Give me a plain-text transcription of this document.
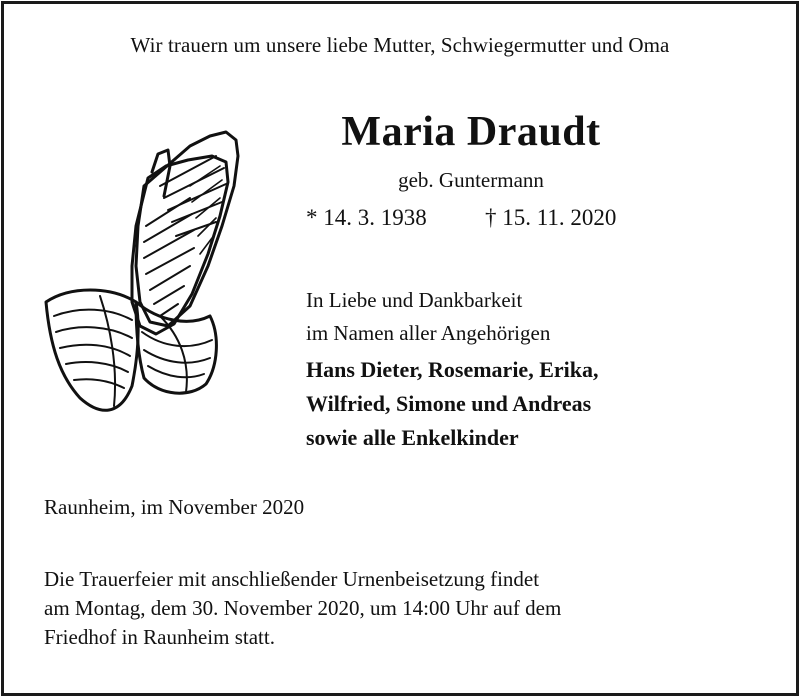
Wir trauern um unsere liebe Mutter, Schwiegermutter und Oma
Maria Draudt
geb. Guntermann
* 14. 3. 1938	† 15. 11. 2020
In Liebe und Dankbarkeit
im Namen aller Angehörigen
Hans Dieter, Rosemarie, Erika,
Wilfried, Simone und Andreas
sowie alle Enkelkinder
Raunheim, im November 2020
Die Trauerfeier mit anschließender Urnenbeisetzung findet
am Montag, dem 30. November 2020, um 14:00 Uhr auf dem
Friedhof in Raunheim statt.
